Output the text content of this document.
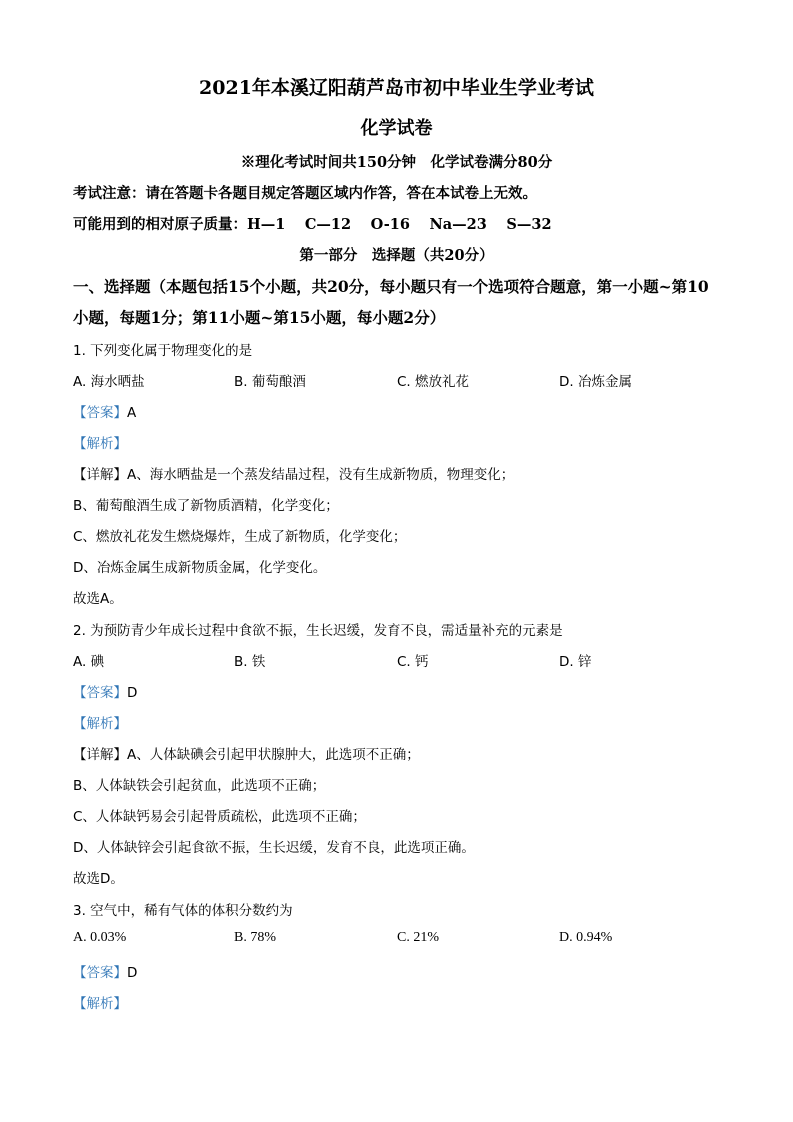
2021年本溪辽阳葫芦岛市初中毕业生学业考试
化学试卷
※理化考试时间共150分钟　化学试卷满分80分
考试注意：请在答题卡各题目规定答题区域内作答，答在本试卷上无效。
可能用到的相对原子质量：H—1　 C—12　 O-16　 Na—23　 S—32
第一部分　选择题（共20分）
一、选择题（本题包括15个小题，共20分，每小题只有一个选项符合题意，第一小题~第10
小题，每题1分；第11小题~第15小题，每小题2分）
1. 下列变化属于物理变化的是
A. 海水晒盐	B. 葡萄酿酒	C. 燃放礼花	D. 冶炼金属
【答案】A
【解析】
【详解】A、海水晒盐是一个蒸发结晶过程，没有生成新物质，物理变化；
B、葡萄酿酒生成了新物质酒精，化学变化；
C、燃放礼花发生燃烧爆炸，生成了新物质，化学变化；
D、冶炼金属生成新物质金属，化学变化。
故选A。
2. 为预防青少年成长过程中食欲不振，生长迟缓，发育不良，需适量补充的元素是
A. 碘	B. 铁	C. 钙	D. 锌
【答案】D
【解析】
【详解】A、人体缺碘会引起甲状腺肿大，此选项不正确；
B、人体缺铁会引起贫血，此选项不正确；
C、人体缺钙易会引起骨质疏松，此选项不正确；
D、人体缺锌会引起食欲不振，生长迟缓，发育不良，此选项正确。
故选D。
3. 空气中，稀有气体的体积分数约为
A. 0.03%	B. 78%	C. 21%	D. 0.94%
【答案】D
【解析】
